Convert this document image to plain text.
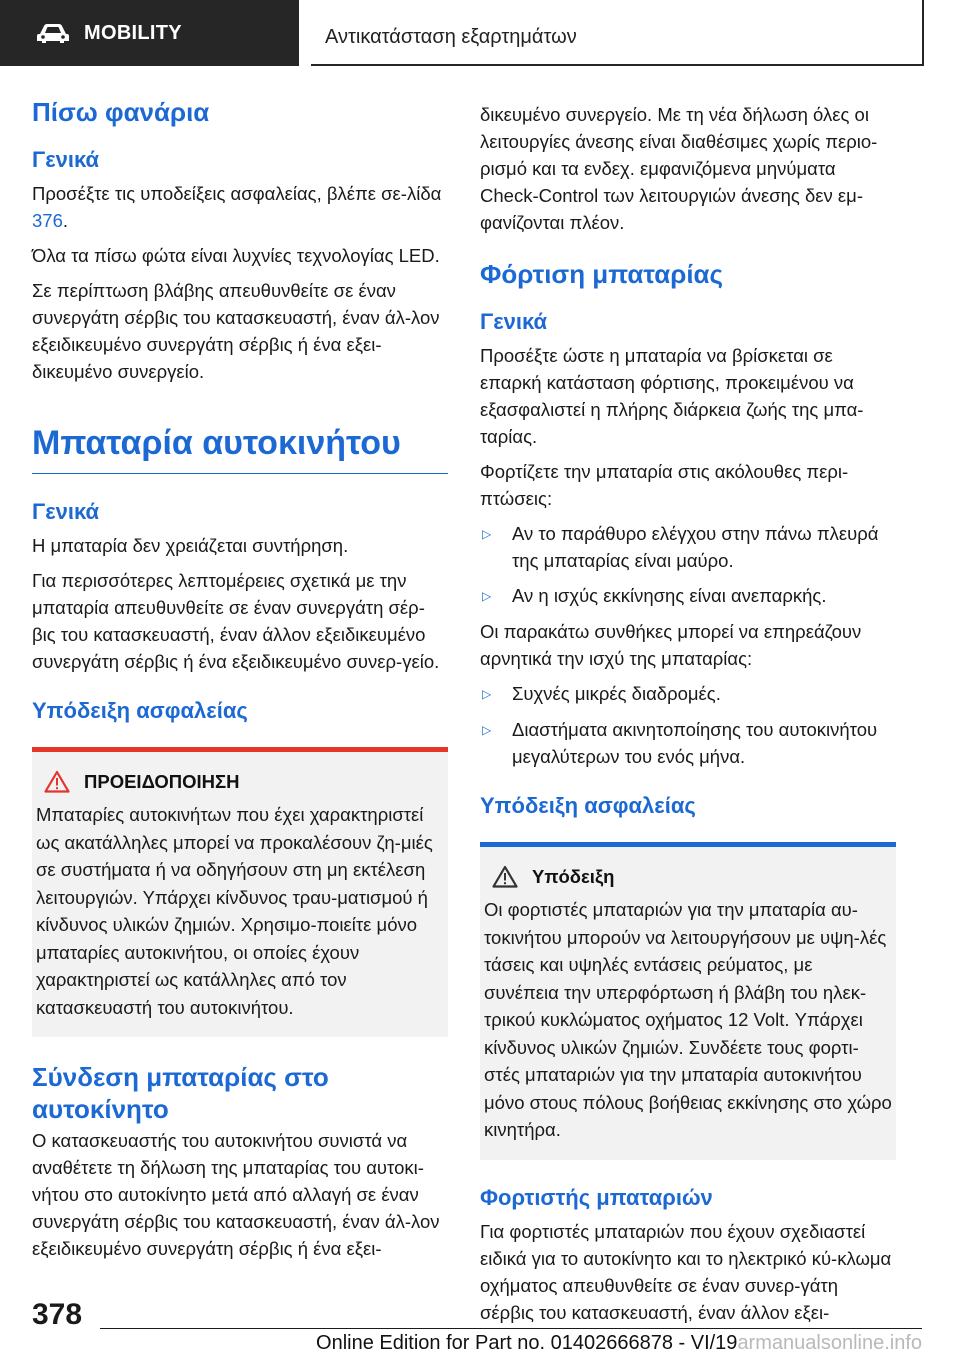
MOBILITY	Αντικατάσταση εξαρτημάτων
Πίσω φανάρια
Γενικά

Προσέξτε τις υποδείξεις ασφαλείας, βλέπε σε-λίδα 376.

Όλα τα πίσω φώτα είναι λυχνίες τεχνολογίας LED.

Σε περίπτωση βλάβης απευθυνθείτε σε έναν συνεργάτη σέρβις του κατασκευαστή, έναν άλ-λον εξειδικευμένο συνεργάτη σέρβις ή ένα εξει-δικευμένο συνεργείο.

Μπαταρία αυτοκινήτου
Γενικά

Η μπαταρία δεν χρειάζεται συντήρηση.

Για περισσότερες λεπτομέρειες σχετικά με την μπαταρία απευθυνθείτε σε έναν συνεργάτη σέρ-βις του κατασκευαστή, έναν άλλον εξειδικευμένο συνεργάτη σέρβις ή ένα εξειδικευμένο συνερ-γείο.

Υπόδειξη ασφαλείας
ΠΡΟΕΙΔΟΠΟΙΗΣΗ
Μπαταρίες αυτοκινήτων που έχει χαρακτηριστεί ως ακατάλληλες μπορεί να προκαλέσουν ζη-μιές σε συστήματα ή να οδηγήσουν στη μη εκτέλεση λειτουργιών. Υπάρχει κίνδυνος τραυ-ματισμού ή κίνδυνος υλικών ζημιών. Χρησιμο-ποιείτε μόνο μπαταρίες αυτοκινήτου, οι οποίες έχουν χαρακτηριστεί ως κατάλληλες από τον κατασκευαστή του αυτοκινήτου.
Σύνδεση μπαταρίας στο αυτοκίνητο

Ο κατασκευαστής του αυτοκινήτου συνιστά να αναθέτετε τη δήλωση της μπαταρίας του αυτοκι-νήτου στο αυτοκίνητο μετά από αλλαγή σε έναν συνεργάτη σέρβις του κατασκευαστή, έναν άλ-λον εξειδικευμένο συνεργάτη σέρβις ή ένα εξει-

δικευμένο συνεργείο. Με τη νέα δήλωση όλες οι λειτουργίες άνεσης είναι διαθέσιμες χωρίς περιο-ρισμό και τα ενδεχ. εμφανιζόμενα μηνύματα Check-Control των λειτουργιών άνεσης δεν εμ-φανίζονται πλέον.

Φόρτιση μπαταρίας
Γενικά

Προσέξτε ώστε η μπαταρία να βρίσκεται σε επαρκή κατάσταση φόρτισης, προκειμένου να εξασφαλιστεί η πλήρης διάρκεια ζωής της μπα-ταρίας.

Φορτίζετε την μπαταρία στις ακόλουθες περι-πτώσεις:

▷	Αν το παράθυρο ελέγχου στην πάνω πλευρά της μπαταρίας είναι μαύρο.
▷	Αν η ισχύς εκκίνησης είναι ανεπαρκής.

Οι παρακάτω συνθήκες μπορεί να επηρεάζουν αρνητικά την ισχύ της μπαταρίας:

▷	Συχνές μικρές διαδρομές.
▷	Διαστήματα ακινητοποίησης του αυτοκινήτου μεγαλύτερων του ενός μήνα.
Υπόδειξη ασφαλείας
Υπόδειξη
Οι φορτιστές μπαταριών για την μπαταρία αυ-τοκινήτου μπορούν να λειτουργήσουν με υψη-λές τάσεις και υψηλές εντάσεις ρεύματος, με συνέπεια την υπερφόρτωση ή βλάβη του ηλεκ-τρικού κυκλώματος οχήματος 12 Volt. Υπάρχει κίνδυνος υλικών ζημιών. Συνδέετε τους φορτι-στές μπαταριών για την μπαταρία αυτοκινήτου μόνο στους πόλους βοήθειας εκκίνησης στο χώρο κινητήρα.
Φορτιστής μπαταριών

Για φορτιστές μπαταριών που έχουν σχεδιαστεί ειδικά για το αυτοκίνητο και το ηλεκτρικό κύ-κλωμα οχήματος απευθυνθείτε σε έναν συνερ-γάτη σέρβις του κατασκευαστή, έναν άλλον εξει-

378
Online Edition for Part no. 01402666878 - VI/19armanualsonline.info
